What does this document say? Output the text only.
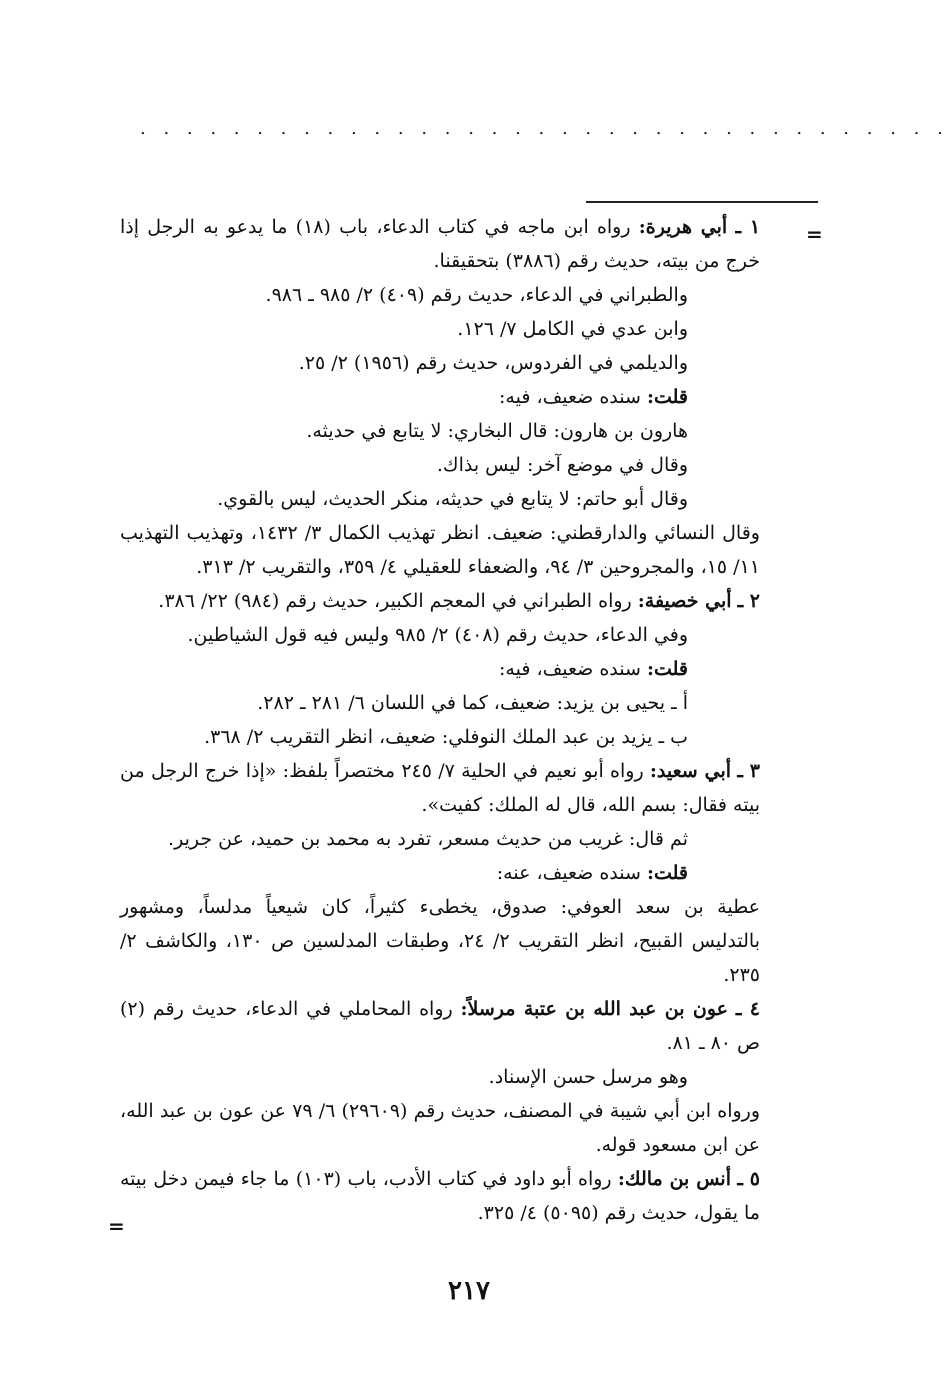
. . . . . . . . . . . . . . . . . . . . . . . . . . . . . . . . . . .
=

١ ـ أبي هريرة: رواه ابن ماجه في كتاب الدعاء، باب (١٨) ما يدعو به الرجل إذا خرج من بيته، حديث رقم (٣٨٨٦) بتحقيقنا.

والطبراني في الدعاء، حديث رقم (٤٠٩) ٢/ ٩٨٥ ـ ٩٨٦.

وابن عدي في الكامل ٧/ ١٢٦.

والديلمي في الفردوس، حديث رقم (١٩٥٦) ٢/ ٢٥.

قلت: سنده ضعيف، فيه:

هارون بن هارون: قال البخاري: لا يتابع في حديثه.

وقال في موضع آخر: ليس بذاك.

وقال أبو حاتم: لا يتابع في حديثه، منكر الحديث، ليس بالقوي.

وقال النسائي والدارقطني: ضعيف. انظر تهذيب الكمال ٣/ ١٤٣٢، وتهذيب التهذيب ١١/ ١٥، والمجروحين ٣/ ٩٤، والضعفاء للعقيلي ٤/ ٣٥٩، والتقريب ٢/ ٣١٣.

٢ ـ أبي خصيفة: رواه الطبراني في المعجم الكبير، حديث رقم (٩٨٤) ٢٢/ ٣٨٦.

وفي الدعاء، حديث رقم (٤٠٨) ٢/ ٩٨٥ وليس فيه قول الشياطين.

قلت: سنده ضعيف، فيه:

أ ـ يحيى بن يزيد: ضعيف، كما في اللسان ٦/ ٢٨١ ـ ٢٨٢.

ب ـ يزيد بن عبد الملك النوفلي: ضعيف، انظر التقريب ٢/ ٣٦٨.

٣ ـ أبي سعيد: رواه أبو نعيم في الحلية ٧/ ٢٤٥ مختصراً بلفظ: «إذا خرج الرجل من بيته فقال: بسم الله، قال له الملك: كفيت».

ثم قال: غريب من حديث مسعر، تفرد به محمد بن حميد، عن جرير.

قلت: سنده ضعيف، عنه:

عطية بن سعد العوفي: صدوق، يخطىء كثيراً، كان شيعياً مدلساً، ومشهور بالتدليس القبيح، انظر التقريب ٢/ ٢٤، وطبقات المدلسين ص ١٣٠، والكاشف ٢/ ٢٣٥.

٤ ـ عون بن عبد الله بن عتبة مرسلاً: رواه المحاملي في الدعاء، حديث رقم (٢) ص ٨٠ ـ ٨١.

وهو مرسل حسن الإسناد.

ورواه ابن أبي شيبة في المصنف، حديث رقم (٢٩٦٠٩) ٦/ ٧٩ عن عون بن عبد الله، عن ابن مسعود قوله.

٥ ـ أنس بن مالك: رواه أبو داود في كتاب الأدب، باب (١٠٣) ما جاء فيمن دخل بيته ما يقول، حديث رقم (٥٠٩٥) ٤/ ٣٢٥.

=
٢١٧
